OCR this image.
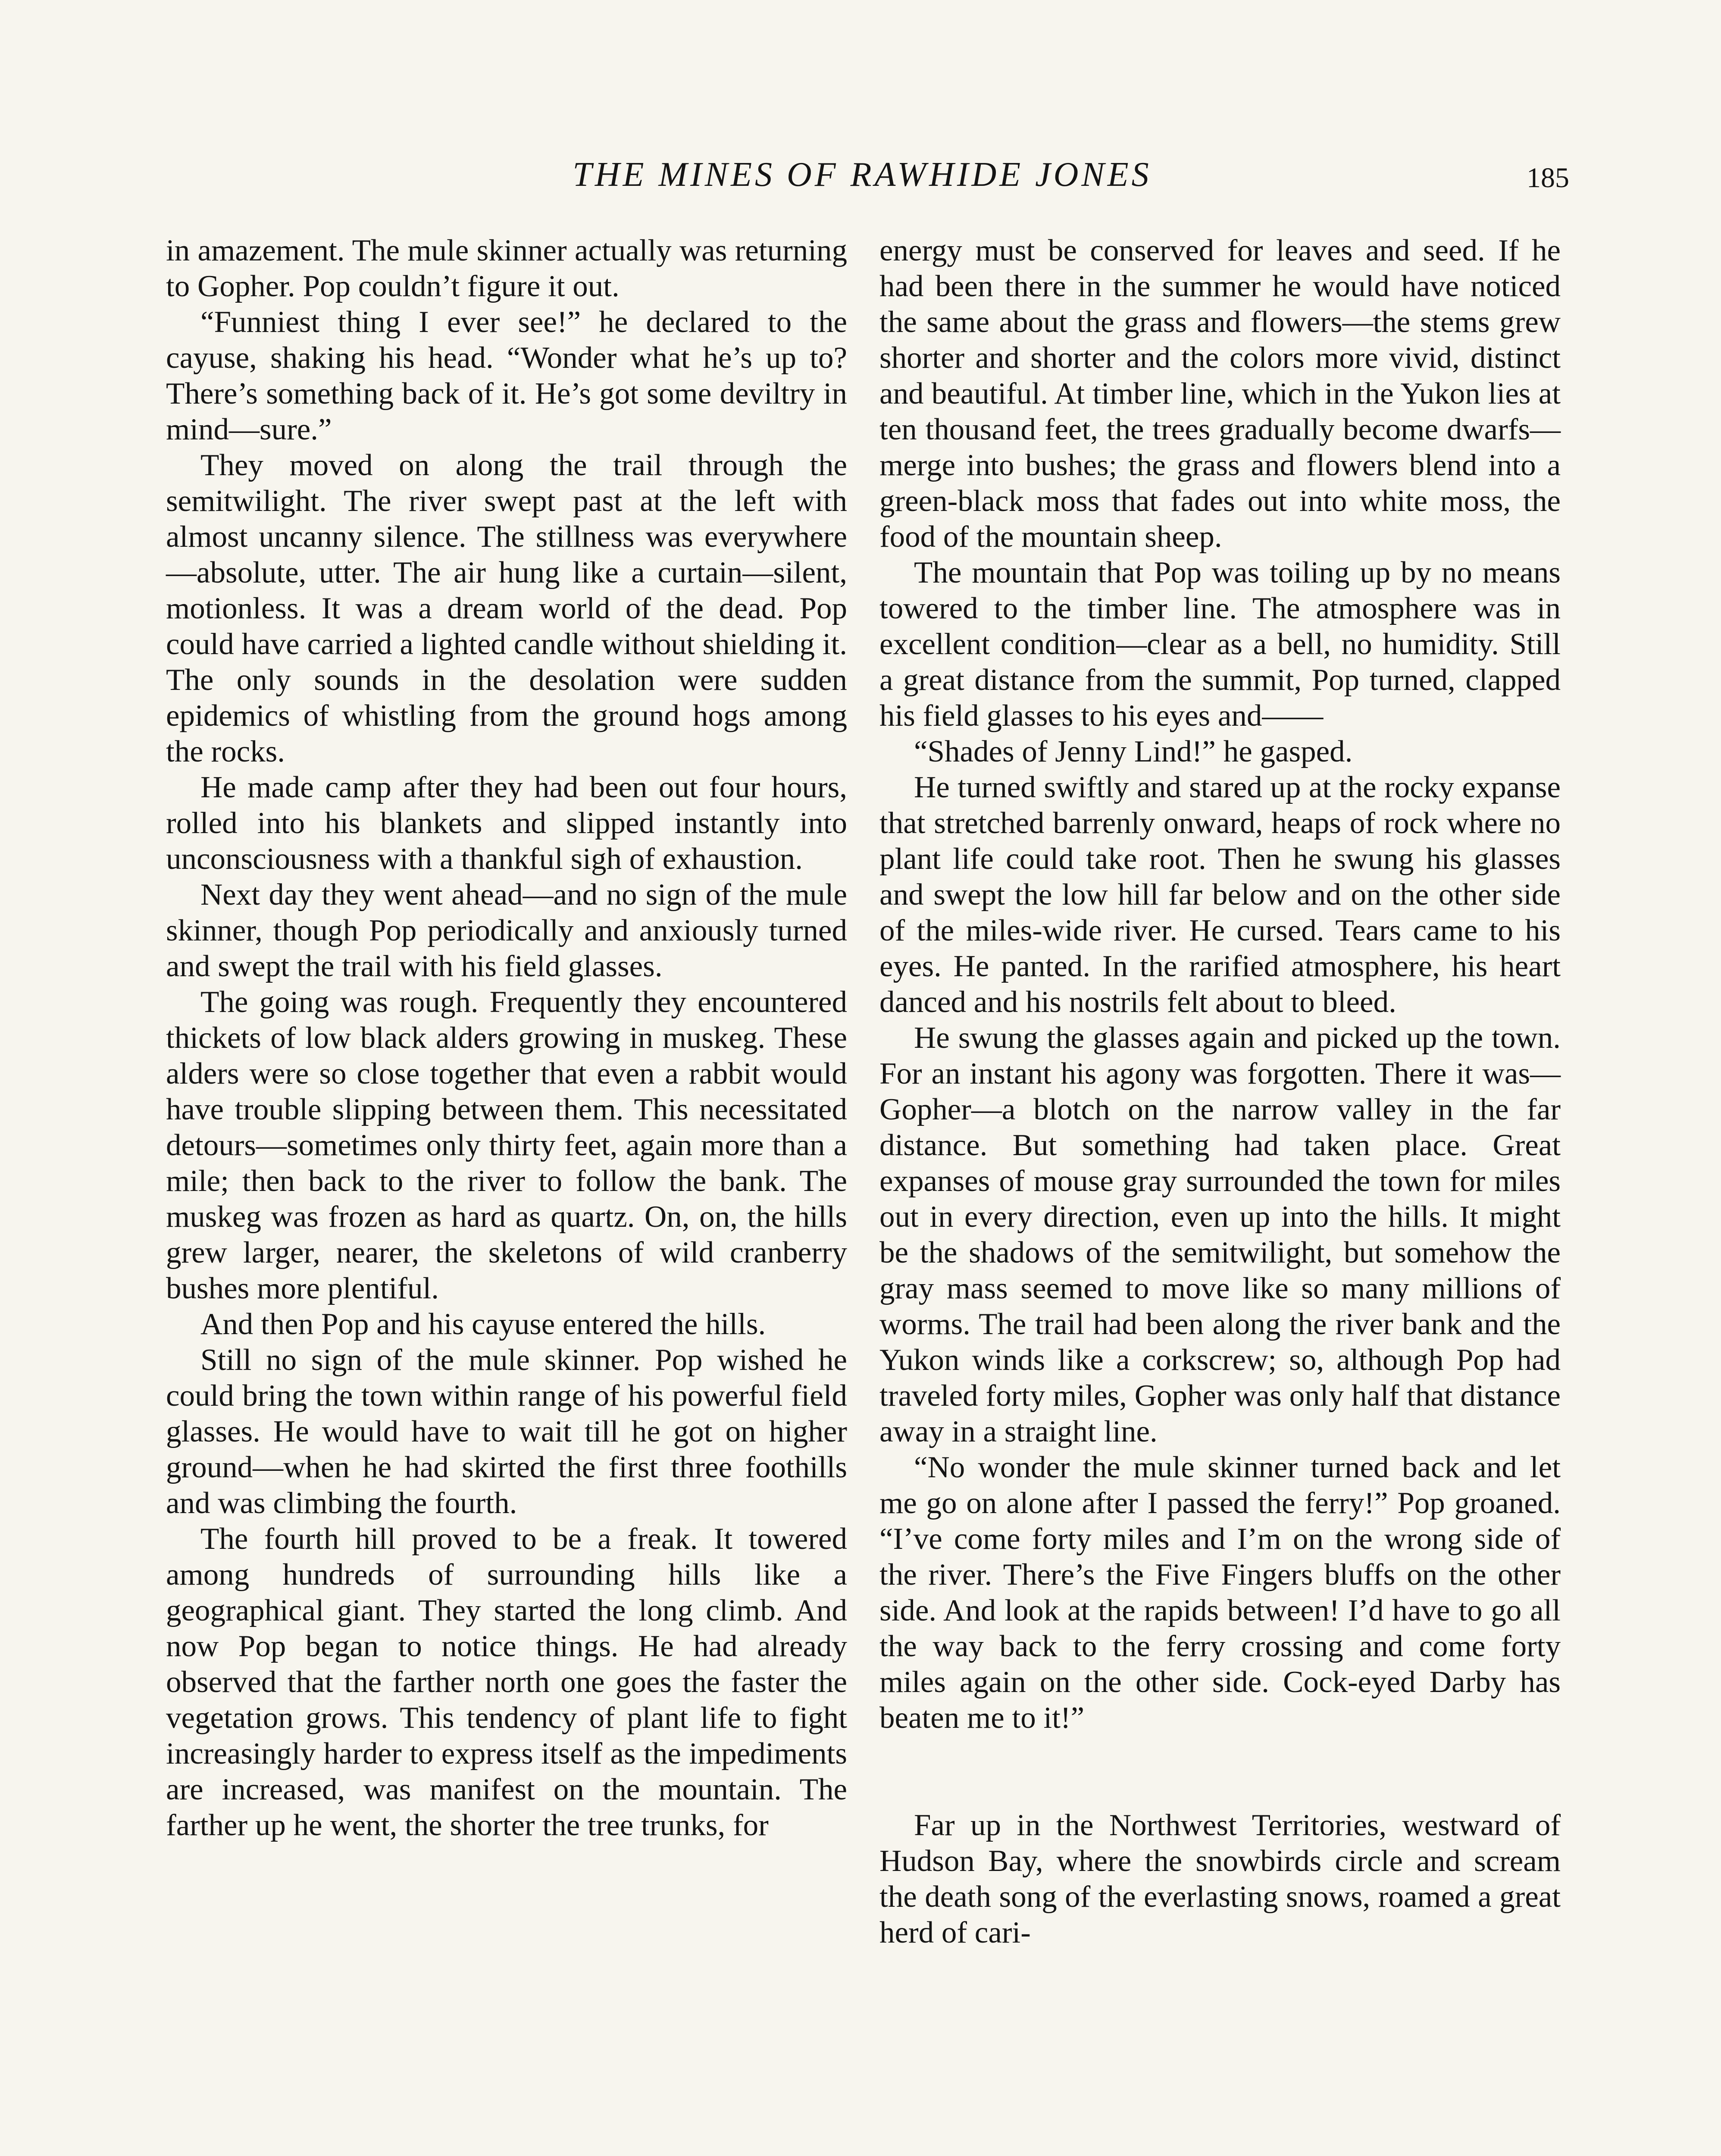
THE MINES OF RAWHIDE JONES	185

in amazement. The mule skinner actually was returning to Gopher. Pop couldn’t figure it out.

“Funniest thing I ever see!” he declared to the cayuse, shaking his head. “Wonder what he’s up to? There’s something back of it. He’s got some deviltry in mind—sure.”

They moved on along the trail through the semitwilight. The river swept past at the left with almost uncanny silence. The stillness was everywhere—absolute, utter. The air hung like a curtain—silent, motionless. It was a dream world of the dead. Pop could have carried a lighted candle without shielding it. The only sounds in the desolation were sudden epidemics of whistling from the ground hogs among the rocks.

He made camp after they had been out four hours, rolled into his blankets and slipped instantly into unconsciousness with a thankful sigh of exhaustion.

Next day they went ahead—and no sign of the mule skinner, though Pop periodically and anxiously turned and swept the trail with his field glasses.

The going was rough. Frequently they encountered thickets of low black alders growing in muskeg. These alders were so close together that even a rabbit would have trouble slipping between them. This necessitated detours—sometimes only thirty feet, again more than a mile; then back to the river to follow the bank. The muskeg was frozen as hard as quartz. On, on, the hills grew larger, nearer, the skeletons of wild cranberry bushes more plentiful.

And then Pop and his cayuse entered the hills.

Still no sign of the mule skinner. Pop wished he could bring the town within range of his powerful field glasses. He would have to wait till he got on higher ground—when he had skirted the first three foothills and was climbing the fourth.

The fourth hill proved to be a freak. It towered among hundreds of surrounding hills like a geographical giant. They started the long climb. And now Pop began to notice things. He had already observed that the farther north one goes the faster the vegetation grows. This tendency of plant life to fight increasingly harder to express itself as the impediments are increased, was manifest on the mountain. The farther up he went, the shorter the tree trunks, for

energy must be conserved for leaves and seed. If he had been there in the summer he would have noticed the same about the grass and flowers—the stems grew shorter and shorter and the colors more vivid, distinct and beautiful. At timber line, which in the Yukon lies at ten thousand feet, the trees gradually become dwarfs—merge into bushes; the grass and flowers blend into a green-black moss that fades out into white moss, the food of the mountain sheep.

The mountain that Pop was toiling up by no means towered to the timber line. The atmosphere was in excellent condition—clear as a bell, no humidity. Still a great distance from the summit, Pop turned, clapped his field glasses to his eyes and——

“Shades of Jenny Lind!” he gasped.

He turned swiftly and stared up at the rocky expanse that stretched barrenly onward, heaps of rock where no plant life could take root. Then he swung his glasses and swept the low hill far below and on the other side of the miles-wide river. He cursed. Tears came to his eyes. He panted. In the rarified atmosphere, his heart danced and his nostrils felt about to bleed.

He swung the glasses again and picked up the town. For an instant his agony was forgotten. There it was—Gopher—a blotch on the narrow valley in the far distance. But something had taken place. Great expanses of mouse gray surrounded the town for miles out in every direction, even up into the hills. It might be the shadows of the semitwilight, but somehow the gray mass seemed to move like so many millions of worms. The trail had been along the river bank and the Yukon winds like a corkscrew; so, although Pop had traveled forty miles, Gopher was only half that distance away in a straight line.

“No wonder the mule skinner turned back and let me go on alone after I passed the ferry!” Pop groaned. “I’ve come forty miles and I’m on the wrong side of the river. There’s the Five Fingers bluffs on the other side. And look at the rapids between! I’d have to go all the way back to the ferry crossing and come forty miles again on the other side. Cock-eyed Darby has beaten me to it!”

Far up in the Northwest Territories, westward of Hudson Bay, where the snowbirds circle and scream the death song of the everlasting snows, roamed a great herd of cari-
